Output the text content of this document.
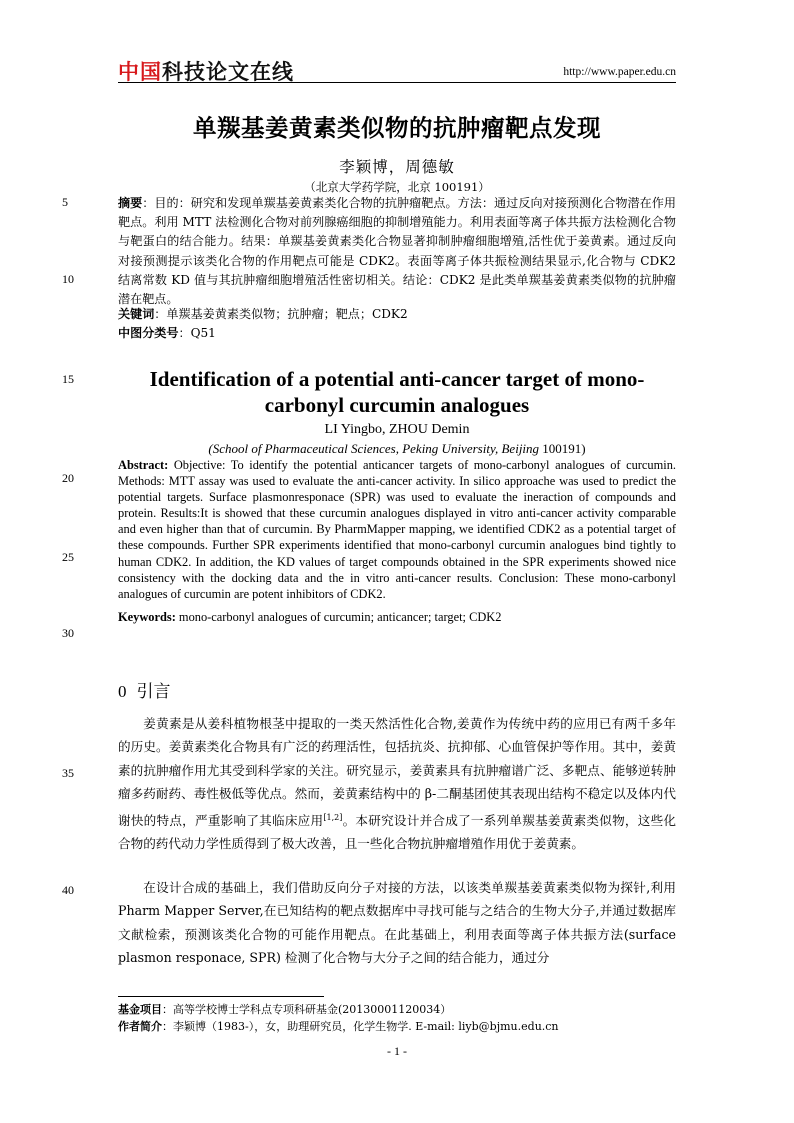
中国 科技论文在线	http://www.paper.edu.cn
5
10
15
20
25
30
35
40
单羰基姜黄素类似物的抗肿瘤靶点发现
李颖博，周德敏
（北京大学药学院，北京 100191）
摘要：目的：研究和发现单羰基姜黄素类化合物的抗肿瘤靶点。方法：通过反向对接预测化合物潜在作用靶点。利用 MTT 法检测化合物对前列腺癌细胞的抑制增殖能力。利用表面等离子体共振方法检测化合物与靶蛋白的结合能力。结果：单羰基姜黄素类化合物显著抑制肿瘤细胞增殖,活性优于姜黄素。通过反向对接预测提示该类化合物的作用靶点可能是 CDK2。表面等离子体共振检测结果显示,化合物与 CDK2 结离常数 KD 值与其抗肿瘤细胞增殖活性密切相关。结论：CDK2 是此类单羰基姜黄素类似物的抗肿瘤潜在靶点。
关键词：单羰基姜黄素类似物；抗肿瘤；靶点；CDK2
中图分类号：Q51
Identification of a potential anti-cancer target of mono-carbonyl curcumin analogues
LI Yingbo, ZHOU Demin
(School of Pharmaceutical Sciences, Peking University, Beijing 100191)
Abstract: Objective: To identify the potential anticancer targets of mono-carbonyl analogues of curcumin. Methods: MTT assay was used to evaluate the anti-cancer activity. In silico approache was used to predict the potential targets. Surface plasmonresponace (SPR) was used to evaluate the ineraction of compounds and protein. Results:It is showed that these curcumin analogues displayed in vitro anti-cancer activity comparable and even higher than that of curcumin. By PharmMapper mapping, we identified CDK2 as a potential target of these compounds. Further SPR experiments identified that mono-carbonyl curcumin analogues bind tightly to human CDK2. In addition, the KD values of target compounds obtained in the SPR experiments showed nice consistency with the docking data and the in vitro anti-cancer results. Conclusion: These mono-carbonyl analogues of curcumin are potent inhibitors of CDK2.
Keywords: mono-carbonyl analogues of curcumin; anticancer; target; CDK2
0 引言
姜黄素是从姜科植物根茎中提取的一类天然活性化合物,姜黄作为传统中药的应用已有两千多年的历史。姜黄素类化合物具有广泛的药理活性，包括抗炎、抗抑郁、心血管保护等作用。其中，姜黄素的抗肿瘤作用尤其受到科学家的关注。研究显示，姜黄素具有抗肿瘤谱广泛、多靶点、能够逆转肿瘤多药耐药、毒性极低等优点。然而，姜黄素结构中的 β-二酮基团使其表现出结构不稳定以及体内代谢快的特点，严重影响了其临床应用[1,2]。本研究设计并合成了一系列单羰基姜黄素类似物，这些化合物的药代动力学性质得到了极大改善，且一些化合物抗肿瘤增殖作用优于姜黄素。
在设计合成的基础上，我们借助反向分子对接的方法，以该类单羰基姜黄素类似物为探针,利用 Pharm Mapper Server,在已知结构的靶点数据库中寻找可能与之结合的生物大分子,并通过数据库文献检索，预测该类化合物的可能作用靶点。在此基础上，利用表面等离子体共振方法(surface plasmon responace, SPR) 检测了化合物与大分子之间的结合能力，通过分
基金项目：高等学校博士学科点专项科研基金(20130001120034）
作者简介：李颖博（1983-），女，助理研究员，化学生物学. E-mail: liyb@bjmu.edu.cn
- 1 -
